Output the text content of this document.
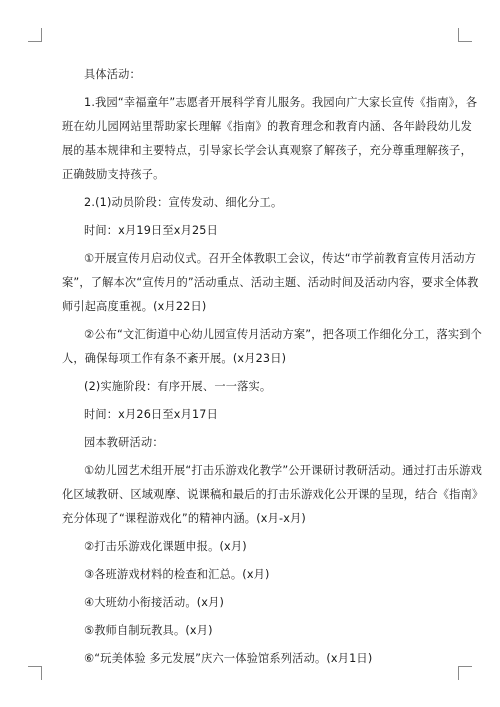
具体活动：

1.我园“幸福童年”志愿者开展科学育儿服务。我园向广大家长宣传《指南》，各班在幼儿园网站里帮助家长理解《指南》的教育理念和教育内涵、各年龄段幼儿发展的基本规律和主要特点，引导家长学会认真观察了解孩子，充分尊重理解孩子，正确鼓励支持孩子。

2.(1)动员阶段：宣传发动、细化分工。

时间：x月19日至x月25日

①开展宣传月启动仪式。召开全体教职工会议，传达“市学前教育宣传月活动方案”，了解本次“宣传月的”活动重点、活动主题、活动时间及活动内容，要求全体教师引起高度重视。(x月22日)

②公布“文汇街道中心幼儿园宣传月活动方案”，把各项工作细化分工，落实到个人，确保每项工作有条不紊开展。(x月23日)

(2)实施阶段：有序开展、一一落实。

时间：x月26日至x月17日

园本教研活动：

①幼儿园艺术组开展“打击乐游戏化教学”公开课研讨教研活动。通过打击乐游戏化区域教研、区域观摩、说课稿和最后的打击乐游戏化公开课的呈现，结合《指南》充分体现了“课程游戏化”的精神内涵。(x月-x月)

②打击乐游戏化课题申报。(x月)

③各班游戏材料的检查和汇总。(x月)

④大班幼小衔接活动。(x月)

⑤教师自制玩教具。(x月)

⑥“玩美体验 多元发展”庆六一体验馆系列活动。(x月1日)
